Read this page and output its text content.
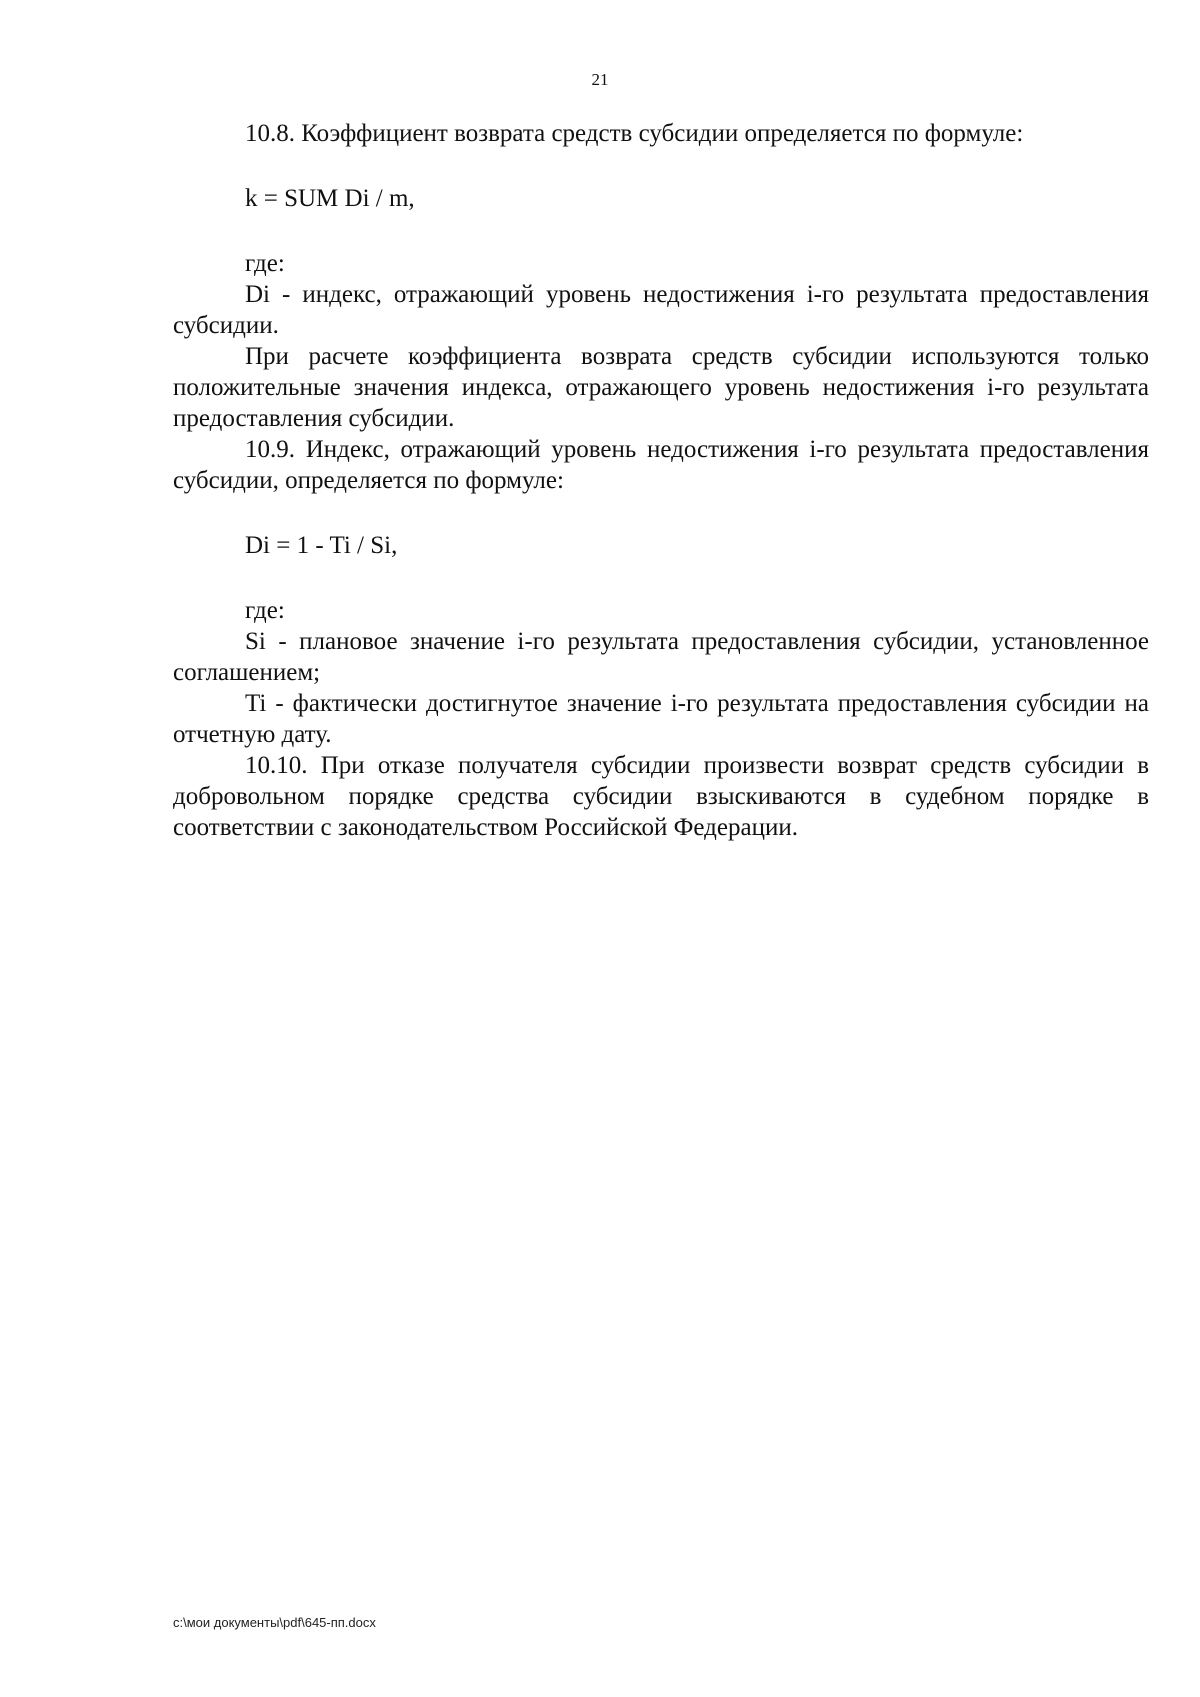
21

10.8. Коэффициент возврата средств субсидии определяется по формуле:

k = SUM Di / m,

где:

Di - индекс, отражающий уровень недостижения i-го результата предоставления субсидии.

При расчете коэффициента возврата средств субсидии используются только положительные значения индекса, отражающего уровень недостижения i-го результата предоставления субсидии.

10.9. Индекс, отражающий уровень недостижения i-го результата предоставления субсидии, определяется по формуле:

Di = 1 - Ti / Si,

где:

Si - плановое значение i-го результата предоставления субсидии, установленное соглашением;

Ti - фактически достигнутое значение i-го результата предоставления субсидии на отчетную дату.

10.10. При отказе получателя субсидии произвести возврат средств субсидии в добровольном порядке средства субсидии взыскиваются в судебном порядке в соответствии с законодательством Российской Федерации.

с:\мои документы\pdf\645-пп.docx
